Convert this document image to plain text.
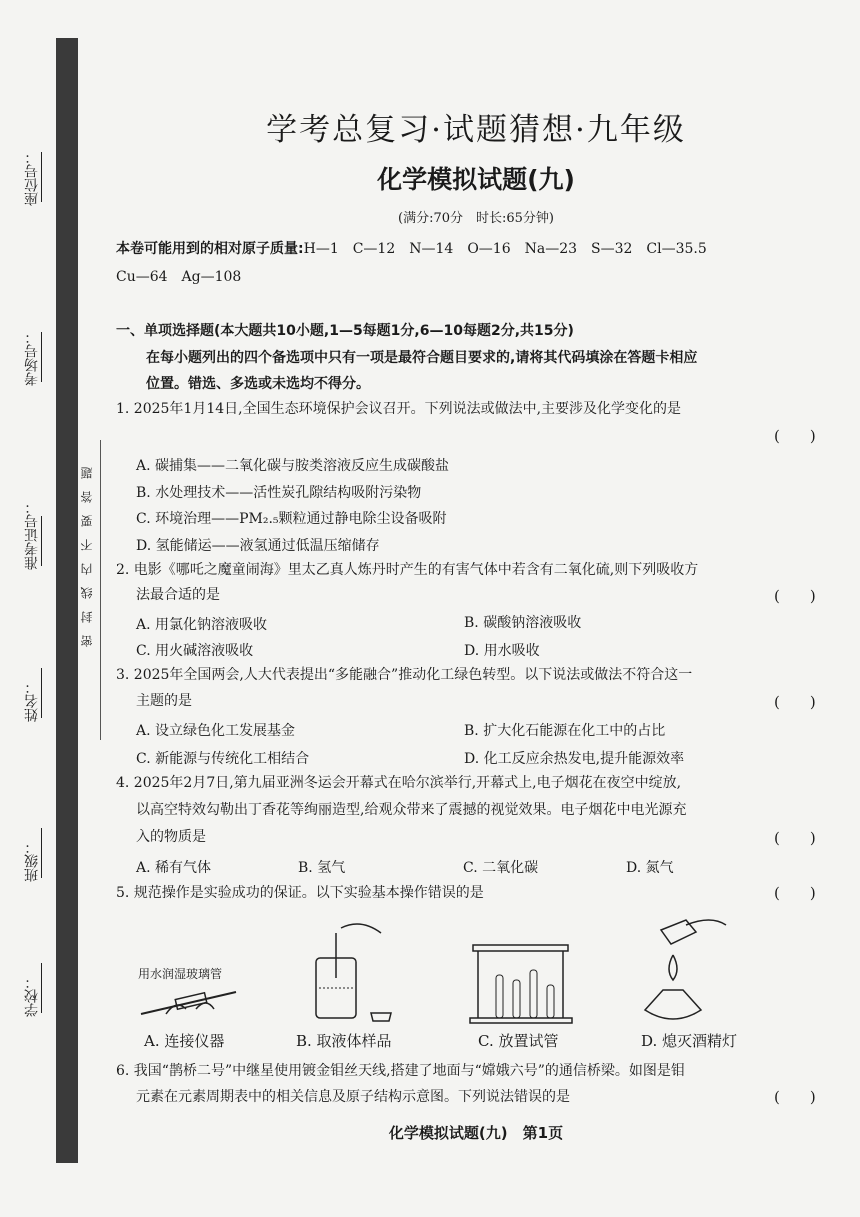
座位号：
考场号：
准考证号：
姓名：
班级：
学校：
密封线内不要答题
学考总复习·试题猜想·九年级
化学模拟试题(九)
(满分:70分　时长:65分钟)
本卷可能用到的相对原子质量:H—1　C—12　N—14　O—16　Na—23　S—32　Cl—35.5
Cu—64　Ag—108
一、单项选择题(本大题共10小题,1—5每题1分,6—10每题2分,共15分)
在每小题列出的四个备选项中只有一项是最符合题目要求的,请将其代码填涂在答题卡相应
位置。错选、多选或未选均不得分。
1. 2025年1月14日,全国生态环境保护会议召开。下列说法或做法中,主要涉及化学变化的是
(　　)
A. 碳捕集——二氧化碳与胺类溶液反应生成碳酸盐
B. 水处理技术——活性炭孔隙结构吸附污染物
C. 环境治理——PM₂.₅颗粒通过静电除尘设备吸附
D. 氢能储运——液氢通过低温压缩储存
2. 电影《哪吒之魔童闹海》里太乙真人炼丹时产生的有害气体中若含有二氧化硫,则下列吸收方
法最合适的是	(　　)
A. 用氯化钠溶液吸收	B. 碳酸钠溶液吸收
C. 用火碱溶液吸收	D. 用水吸收
3. 2025年全国两会,人大代表提出“多能融合”推动化工绿色转型。以下说法或做法不符合这一
主题的是	(　　)
A. 设立绿色化工发展基金	B. 扩大化石能源在化工中的占比
C. 新能源与传统化工相结合	D. 化工反应余热发电,提升能源效率
4. 2025年2月7日,第九届亚洲冬运会开幕式在哈尔滨举行,开幕式上,电子烟花在夜空中绽放,
以高空特效勾勒出丁香花等绚丽造型,给观众带来了震撼的视觉效果。电子烟花中电光源充
入的物质是	(　　)
A. 稀有气体	B. 氢气	C. 二氧化碳	D. 氮气
5. 规范操作是实验成功的保证。以下实验基本操作错误的是	(　　)
用水润湿玻璃管
A. 连接仪器	B. 取液体样品	C. 放置试管	D. 熄灭酒精灯
6. 我国“鹊桥二号”中继星使用镀金钼丝天线,搭建了地面与“嫦娥六号”的通信桥梁。如图是钼
元素在元素周期表中的相关信息及原子结构示意图。下列说法错误的是	(　　)
化学模拟试题(九)　第1页
